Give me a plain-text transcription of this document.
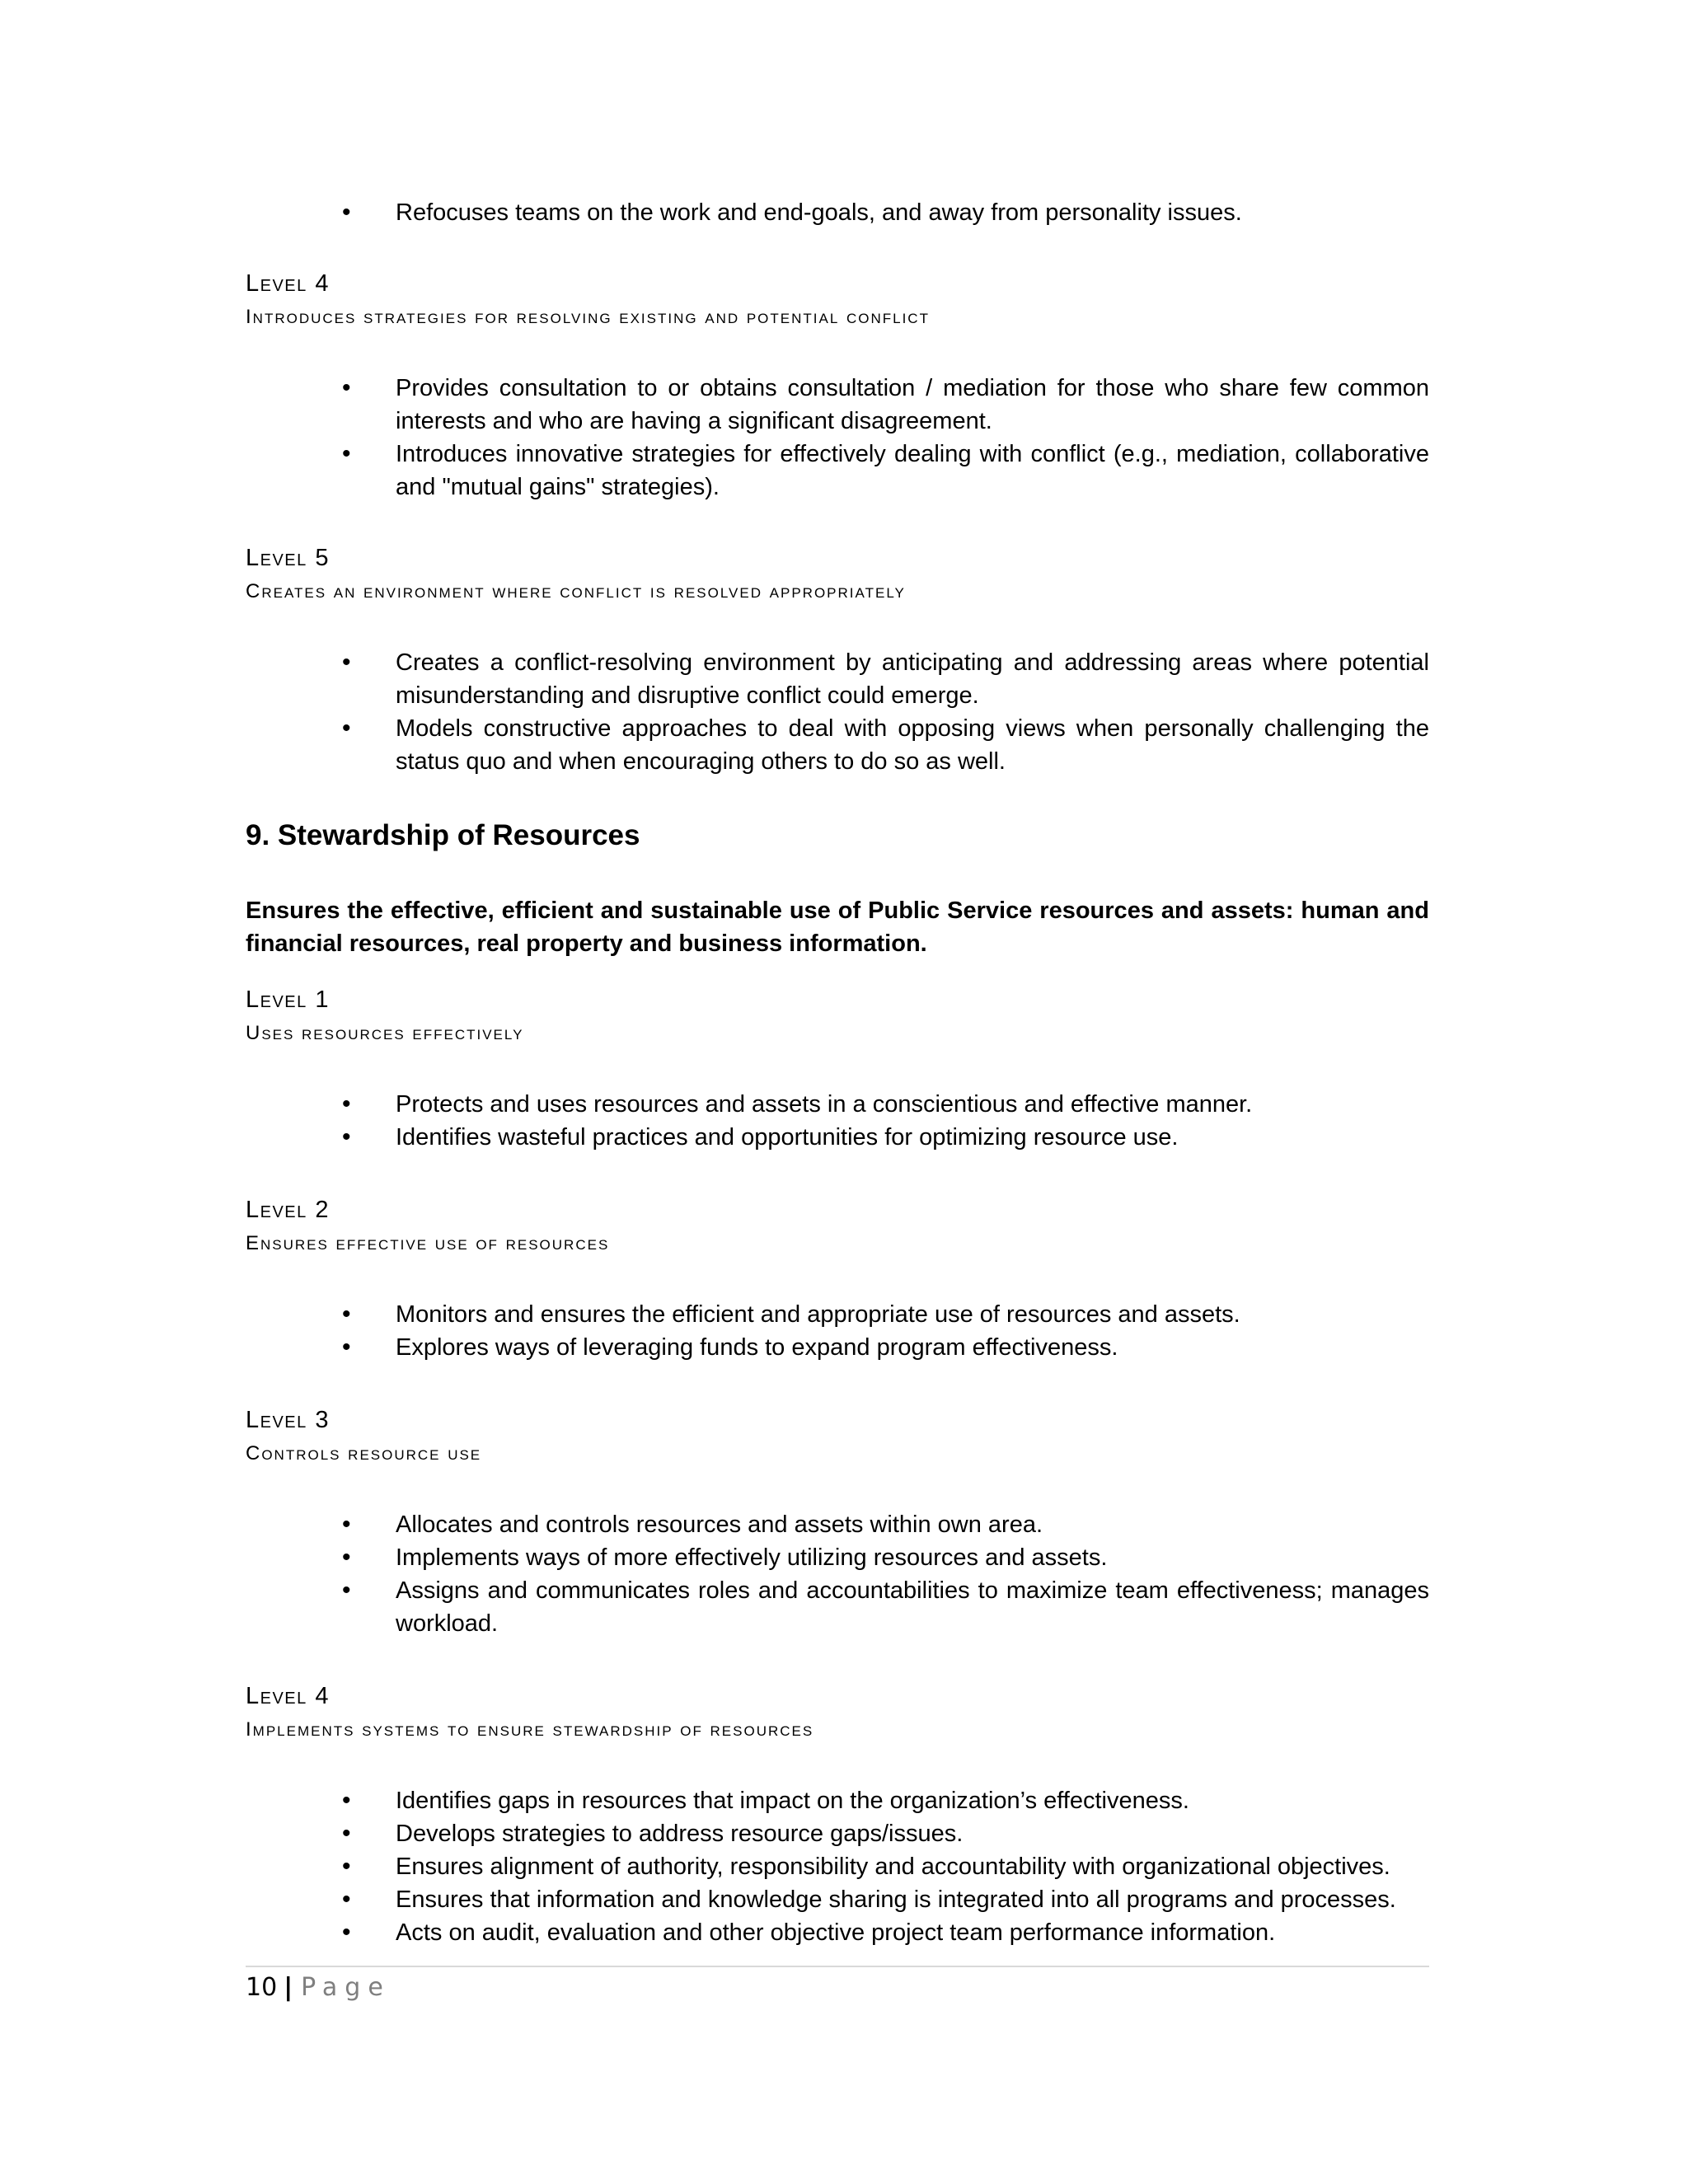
• Refocuses teams on the work and end-goals, and away from personality issues.
Level 4
Introduces strategies for resolving existing and potential conflict
• Provides consultation to or obtains consultation / mediation for those who share few common interests and who are having a significant disagreement.
• Introduces innovative strategies for effectively dealing with conflict (e.g., mediation, collaborative and "mutual gains" strategies).
Level 5
Creates an environment where conflict is resolved appropriately
• Creates a conflict-resolving environment by anticipating and addressing areas where potential misunderstanding and disruptive conflict could emerge.
• Models constructive approaches to deal with opposing views when personally challenging the status quo and when encouraging others to do so as well.
9. Stewardship of Resources
Ensures the effective, efficient and sustainable use of Public Service resources and assets: human and financial resources, real property and business information.
Level 1
Uses resources effectively
• Protects and uses resources and assets in a conscientious and effective manner.
• Identifies wasteful practices and opportunities for optimizing resource use.
Level 2
Ensures effective use of resources
• Monitors and ensures the efficient and appropriate use of resources and assets.
• Explores ways of leveraging funds to expand program effectiveness.
Level 3
Controls resource use
• Allocates and controls resources and assets within own area.
• Implements ways of more effectively utilizing resources and assets.
• Assigns and communicates roles and accountabilities to maximize team effectiveness; manages workload.
Level 4
Implements systems to ensure stewardship of resources
• Identifies gaps in resources that impact on the organization’s effectiveness.
• Develops strategies to address resource gaps/issues.
• Ensures alignment of authority, responsibility and accountability with organizational objectives.
• Ensures that information and knowledge sharing is integrated into all programs and processes.
• Acts on audit, evaluation and other objective project team performance information.
10 | Page
